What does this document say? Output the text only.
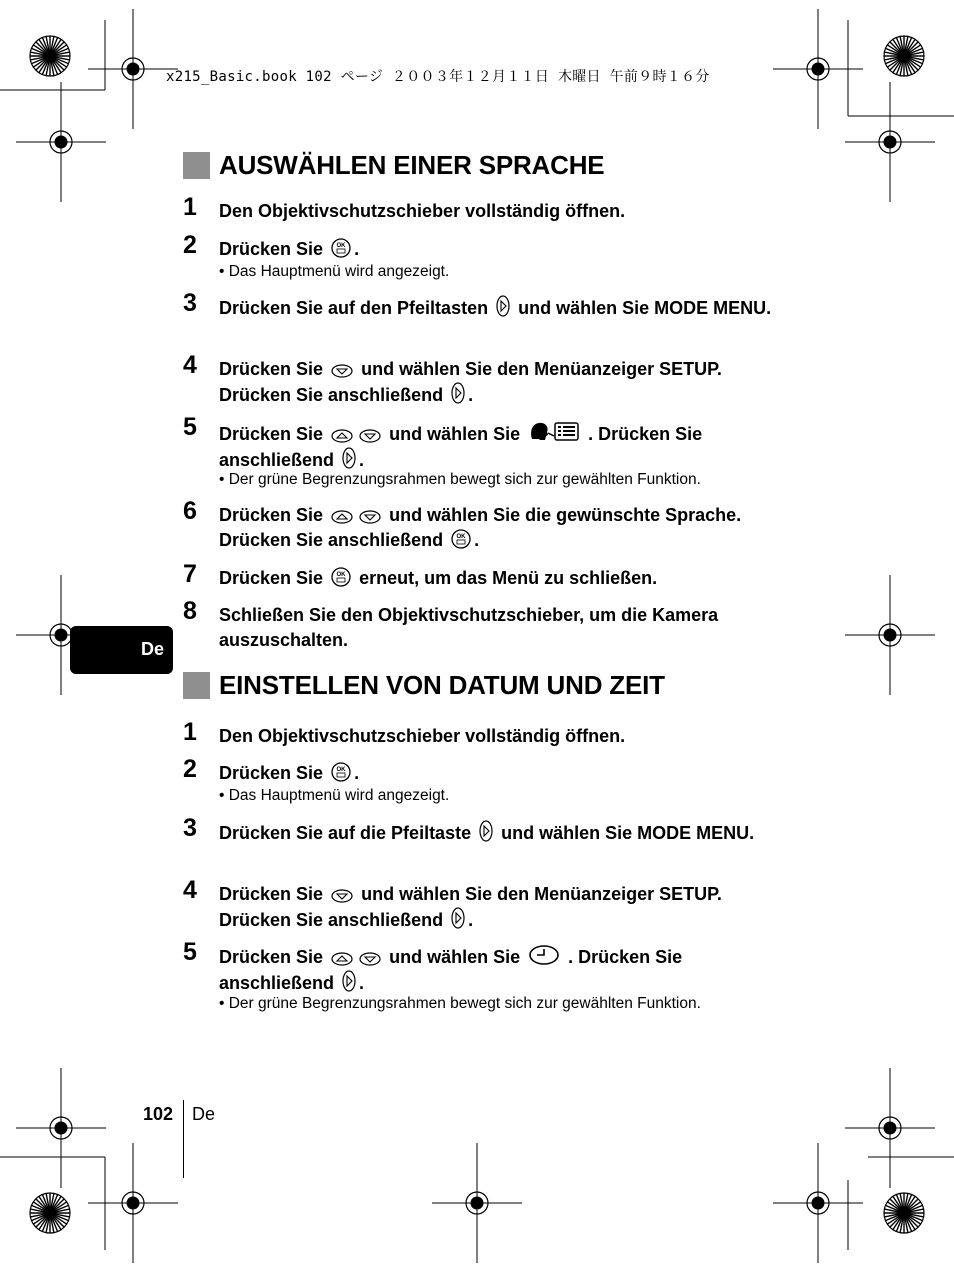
x215_Basic.book 102 ページ ２００３年１２月１１日 木曜日 午前９時１６分
AUSWÄHLEN EINER SPRACHE
1 Den Objektivschutzschieber vollständig öffnen.
2 Drücken Sie OK .
• Das Hauptmenü wird angezeigt.
3 Drücken Sie auf den Pfeiltasten und wählen Sie MODE MENU.
4 Drücken Sie und wählen Sie den Menüanzeiger SETUP. Drücken Sie anschließend .
5 Drücken Sie	und wählen Sie	. Drücken Sie anschließend .
• Der grüne Begrenzungsrahmen bewegt sich zur gewählten Funktion.
6 Drücken Sie	und wählen Sie die gewünschte Sprache. Drücken Sie anschließend OK .
7 Drücken Sie OK erneut, um das Menü zu schließen.
8 Schließen Sie den Objektivschutzschieber, um die Kamera auszuschalten.
De
EINSTELLEN VON DATUM UND ZEIT
1 Den Objektivschutzschieber vollständig öffnen.
2 Drücken Sie OK .
• Das Hauptmenü wird angezeigt.
3 Drücken Sie auf die Pfeiltaste und wählen Sie MODE MENU.
4 Drücken Sie und wählen Sie den Menüanzeiger SETUP. Drücken Sie anschließend .
5 Drücken Sie	und wählen Sie	. Drücken Sie anschließend .
• Der grüne Begrenzungsrahmen bewegt sich zur gewählten Funktion.
102 De
